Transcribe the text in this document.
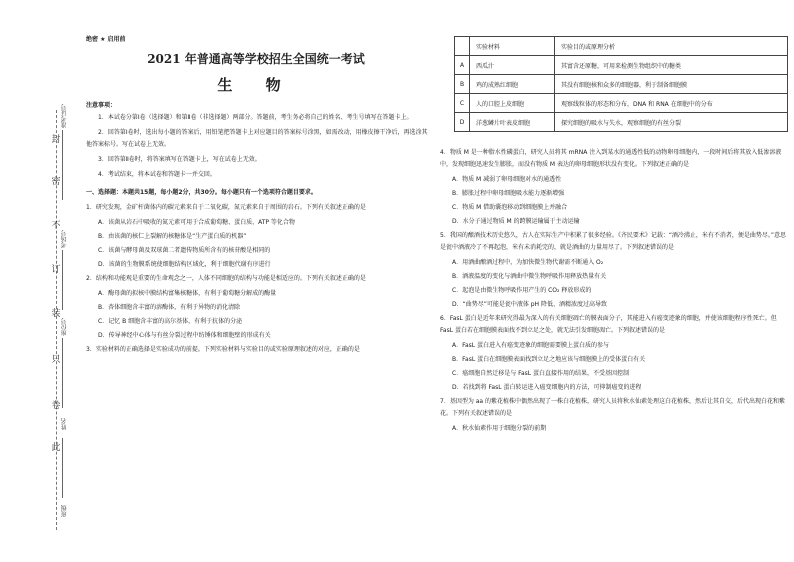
封
密
不
订
装
只
卷
此
准考证号
考场号
座位号
姓名
班级
绝密 ★ 启用前
2021 年普通高等学校招生全国统一考试
生 物
注意事项：

1．本试卷分第Ⅰ卷（选择题）和第Ⅱ卷（非选择题）两部分。答题前，考生务必将自己的姓名、考生号填写在答题卡上。

2．回答第Ⅰ卷时，选出每小题的答案后，用铅笔把答题卡上对应题目的答案标号涂黑，如需改动，用橡皮擦干净后，再选涂其他答案标号。写在试卷上无效。

3．回答第Ⅱ卷时，将答案填写在答题卡上，写在试卷上无效。

4．考试结束，将本试卷和答题卡一并交回。

一、选择题：本题共15题，每小题2分，共30分。每小题只有一个选项符合题目要求。

1．研究发现，金矿杆菌体内的碳元素来自于二氧化碳，氮元素来自于周围的岩石。下列有关叙述正确的是

A．该菌从岩石中吸收的氮元素可用于合成葡萄糖、蛋白质、ATP 等化合物

B．由该菌的核仁上裂解的核糖体是“生产蛋白质的机器”

C．该菌与酵母菌及双球菌二者遗传物质所含有的核苷酸是相同的

D．该菌的生物膜系统使细胞结构区域化，利于细胞代谢有序进行

2．结构和功能观是重要的生命观念之一，人体不同细胞的结构与功能是相适应的。下列有关叙述正确的是

A．酶母菌的拟核中膜结构富集核糖体，有利于葡萄糖分解成的酶量

B．杏体细胞含丰富的溶酶体，有利于异物的消化清除

C．记忆 B 细胞含丰富的高尔基体，有利于抗体的分泌

D．传导神经中心体与有丝分裂过程中纺锤体和细胞壁的形成有关

3．实验材料的正确选择是实验成功的前提。下列实验材料与实验目的或实验原理叙述的对应，正确的是

	实验材料	实验目的或原理分析
A	西瓜汁	其富含还原糖，可用来检测生物组织中的糖类
B	鸡的成熟红细胞	其没有细胞核和众多的细胞器，利于制备细胞膜
C	人的口腔上皮细胞	观察线粒体的形态和分布，DNA 和 RNA 在细胞中的分布
D	洋葱鳞片叶表皮细胞	探究细胞的吸水与失水，观察细胞的有丝分裂

4．物质 M 是一种脂水性磷蛋白，研究人员将其 mRNA 注入到某水的通透性低的动物卵母细胞内，一段时间后将其放入低渗溶液中，发现细胞迅速发生膨胀，而没有物质 M 表达的卵母细胞形状没有变化。下列叙述正确的是

A．物质 M 减弱了卵母细胞对水的通透性

B．膨胀过程中卵母细胞吸水能力逐渐增强

C．物质 M 借助囊泡移动到细胞膜上并融合

D．水分子通过物质 M 的跨膜运输属于主动运输

5．我国的酿酒技术历史悠久，古人在实际生产中积累了很多经验。《齐民要术》记载：“酒冷沸止，米有不消者，便是曲势尽。”意思是瓮中酒液冷了不再起泡，米有未消耗完的，就是酒曲的力量用尽了。下列叙述错误的是

A．用酒曲酿酒过程中，为加快微生物代谢需不断通入 O₂

B．酒液温度的变化与酒曲中微生物呼吸作用释放热量有关

C．起泡是由微生物呼吸作用产生的 CO₂ 释放形成的

D．“曲势尽”可能是瓮中液体 pH 降低、酒精浓度过高导致

6．FasL 蛋白是近年来研究得最为深入的有关细胞凋亡的膜表面分子，其能进入有癌变迹象的细胞，并使该细胞程序性死亡。但 FasL 蛋白若在细胞膜表面找不到立足之处，就无法引发细胞凋亡。下列叙述错误的是

A．FasL 蛋白进入有癌变迹象的细胞需要膜上蛋白质的参与

B．FasL 蛋白在细胞膜表面找到立足之地应该与细胞膜上的受体蛋白有关

C．癌细胞自然迁移是与 FasL 蛋白直接作用的结果，不受基因控制

D．若找到将 FasL 蛋白转运进入癌变细胞内的方法，可抑制癌变的进程

7．基因型为 aa 的紫花植株中偶然出现了一株白花植株，研究人员将秋水仙素处理这白花植株，然后让其自交，后代出现白花和紫花。下列有关叙述错误的是

A．秋水仙素作用于细胞分裂的前期
